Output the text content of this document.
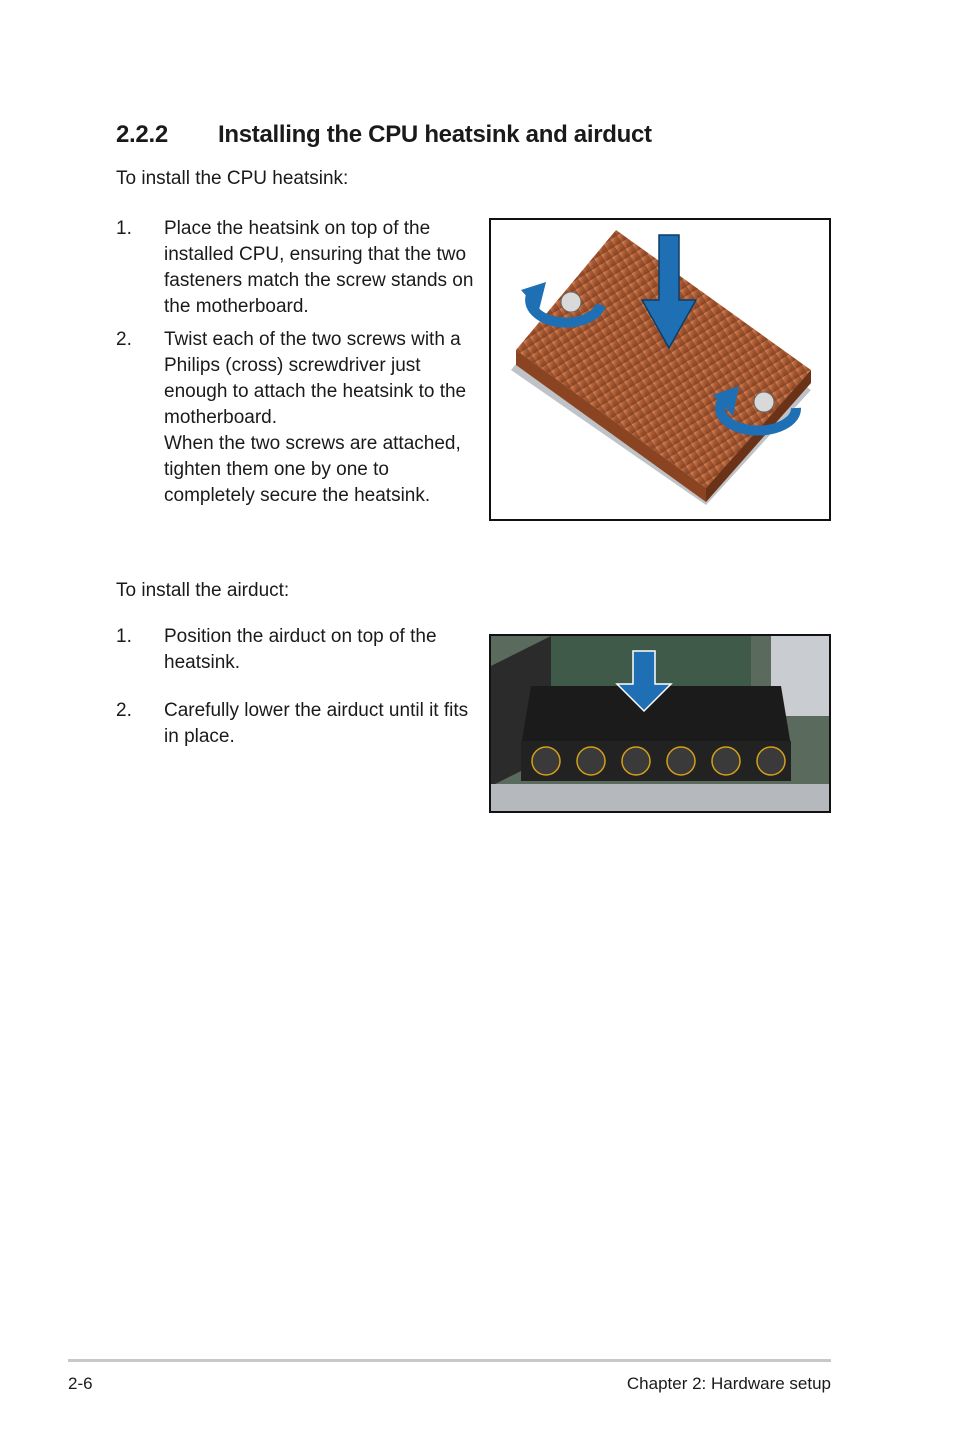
2.2.2 Installing the CPU heatsink and airduct
To install the CPU heatsink:
1. Place the heatsink on top of the installed CPU, ensuring that the two fasteners match the screw stands on the motherboard.
2. Twist each of the two screws with a Philips (cross) screwdriver just enough to attach the heatsink to the motherboard.
When the two screws are attached, tighten them one by one to completely secure the heatsink.
To install the airduct:
1. Position the airduct on top of the heatsink.
2. Carefully lower the airduct until it fits in place.
2-6	Chapter 2: Hardware setup
